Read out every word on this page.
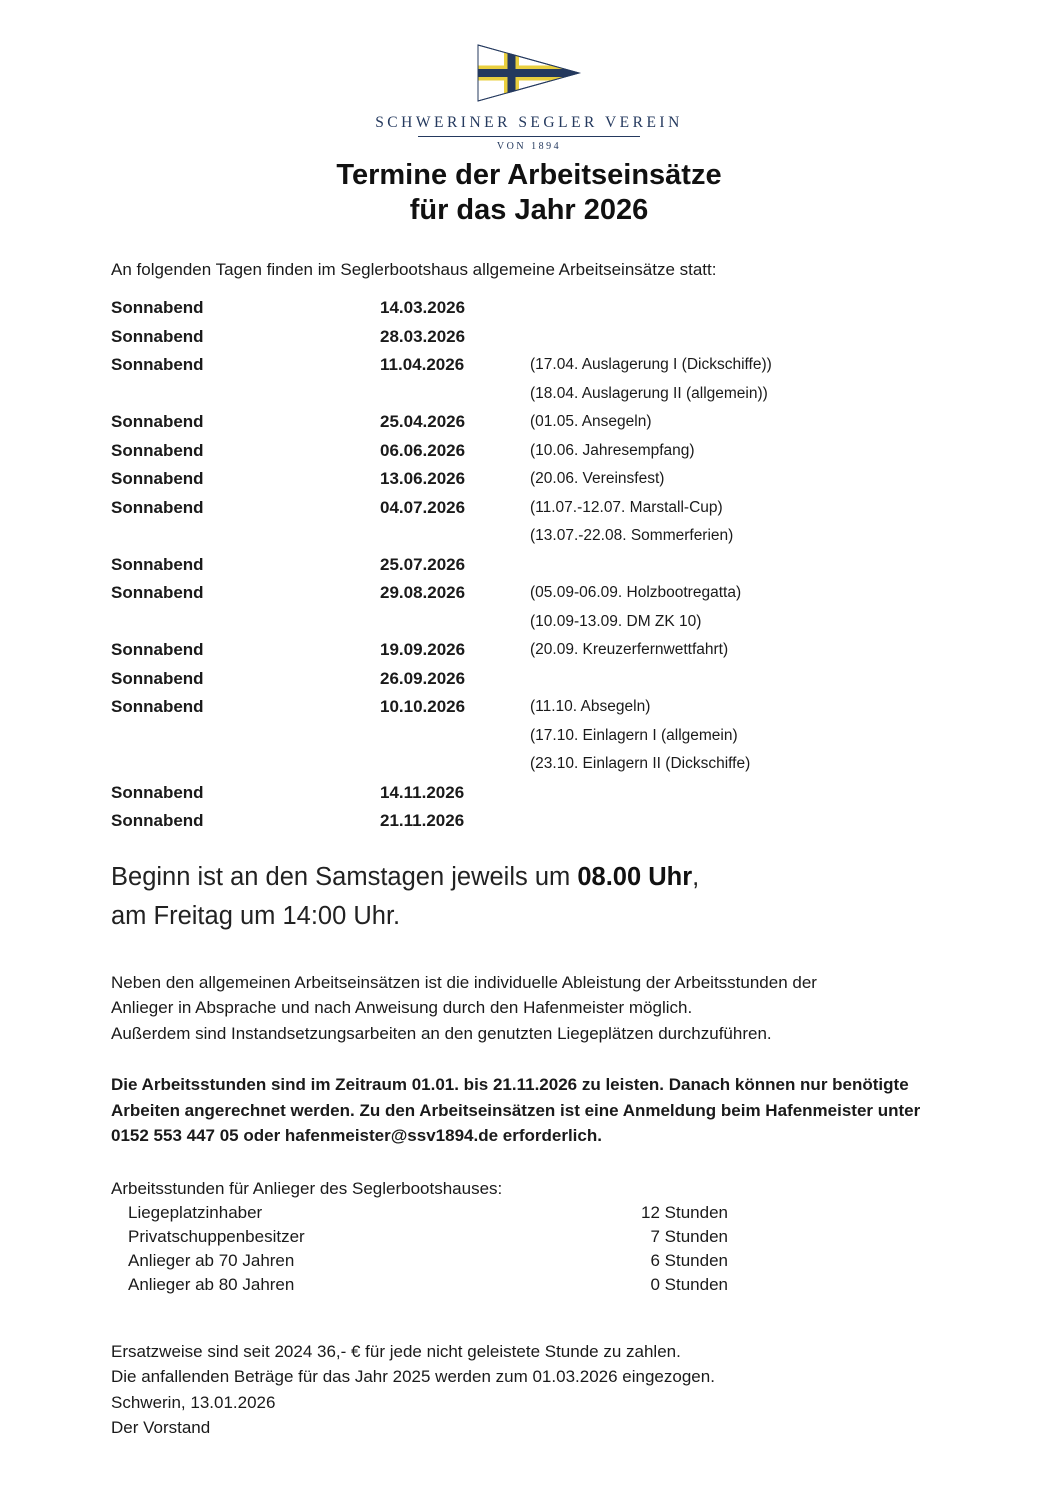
SCHWERINER SEGLER VEREIN
VON 1894
Termine der Arbeitseinsätze
für das Jahr 2026

An folgenden Tagen finden im Seglerbootshaus allgemeine Arbeitseinsätze statt:

Sonnabend	14.03.2026
Sonnabend	28.03.2026
Sonnabend	11.04.2026	(17.04. Auslagerung I (Dickschiffe))
(18.04. Auslagerung II (allgemein))
Sonnabend	25.04.2026	(01.05. Ansegeln)
Sonnabend	06.06.2026	(10.06. Jahresempfang)
Sonnabend	13.06.2026	(20.06. Vereinsfest)
Sonnabend	04.07.2026	(11.07.-12.07. Marstall-Cup)
(13.07.-22.08. Sommerferien)
Sonnabend	25.07.2026
Sonnabend	29.08.2026	(05.09-06.09. Holzbootregatta)
(10.09-13.09. DM ZK 10)
Sonnabend	19.09.2026	(20.09. Kreuzerfernwettfahrt)
Sonnabend	26.09.2026
Sonnabend	10.10.2026	(11.10. Absegeln)
(17.10. Einlagern I (allgemein)
(23.10. Einlagern II (Dickschiffe)
Sonnabend	14.11.2026
Sonnabend	21.11.2026
Beginn ist an den Samstagen jeweils um 08.00 Uhr,
am Freitag um 14:00 Uhr.
Neben den allgemeinen Arbeitseinsätzen ist die individuelle Ableistung der Arbeitsstunden der
Anlieger in Absprache und nach Anweisung durch den Hafenmeister möglich.
Außerdem sind Instandsetzungsarbeiten an den genutzten Liegeplätzen durchzuführen.
Die Arbeitsstunden sind im Zeitraum 01.01. bis 21.11.2026 zu leisten. Danach können nur benötigte
Arbeiten angerechnet werden. Zu den Arbeitseinsätzen ist eine Anmeldung beim Hafenmeister unter
0152 553 447 05 oder hafenmeister@ssv1894.de erforderlich.
Arbeitsstunden für Anlieger des Seglerbootshauses:
Liegeplatzinhaber	12 Stunden
Privatschuppenbesitzer	7 Stunden
Anlieger ab 70 Jahren	6 Stunden
Anlieger ab 80 Jahren	0 Stunden
Ersatzweise sind seit 2024 36,- € für jede nicht geleistete Stunde zu zahlen.
Die anfallenden Beträge für das Jahr 2025 werden zum 01.03.2026 eingezogen.
Schwerin, 13.01.2026
Der Vorstand
